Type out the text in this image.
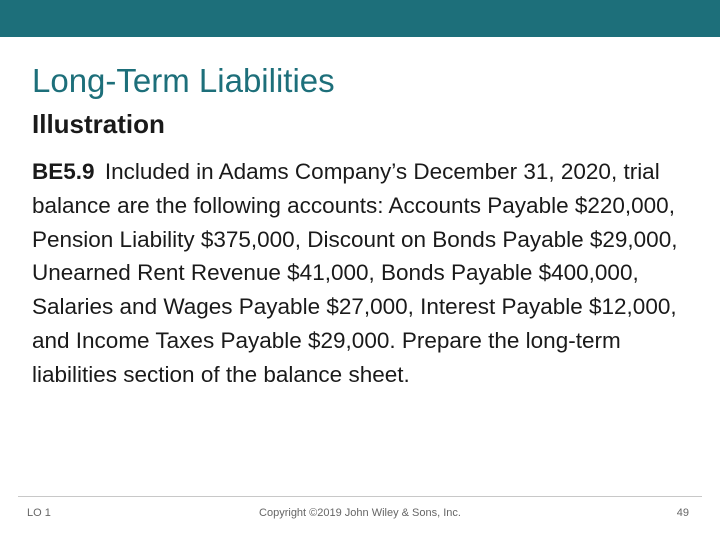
Long-Term Liabilities
Illustration

BE5.9 Included in Adams Company’s December 31, 2020, trial balance are the following accounts: Accounts Payable $220,000, Pension Liability $375,000, Discount on Bonds Payable $29,000, Unearned Rent Revenue $41,000, Bonds Payable $400,000, Salaries and Wages Payable $27,000, Interest Payable $12,000, and Income Taxes Payable $29,000. Prepare the long-term liabilities section of the balance sheet.

LO 1	Copyright ©2019 John Wiley & Sons, Inc.	49
